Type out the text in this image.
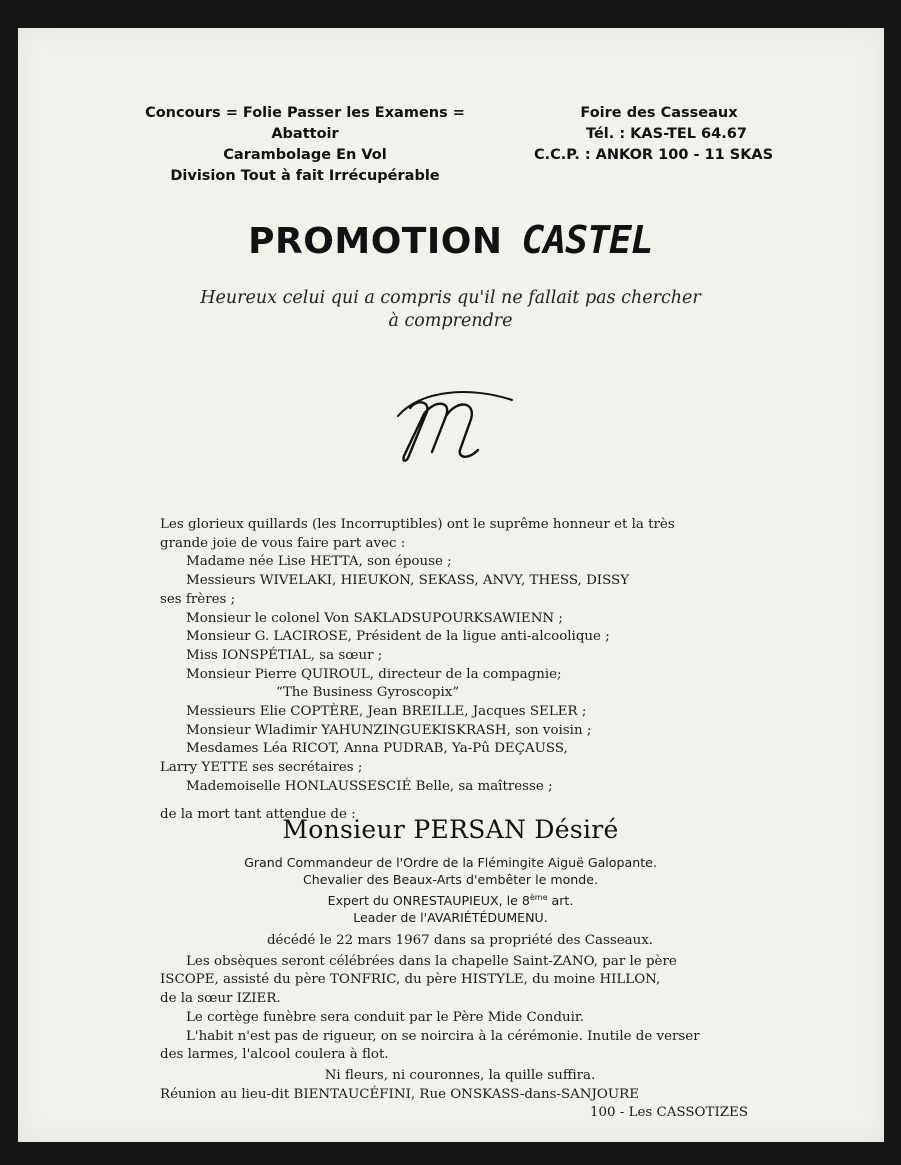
Concours = Folie Passer les Examens = Abattoir
Carambolage En Vol
Division Tout à fait Irrécupérable
Foire des Casseaux
Tél. : KAS-TEL 64.67
C.C.P. : ANKOR 100 - 11 SKAS
PROMOTION CASTEL
Heureux celui qui a compris qu'il ne fallait pas chercher
à comprendre

Les glorieux quillards (les Incorruptibles) ont le suprême honneur et la très

grande joie de vous faire part avec :

Madame née Lise HETTA, son épouse ;

Messieurs WIVELAKI, HIEUKON, SEKASS, ANVY, THESS, DISSY

ses frères ;

Monsieur le colonel Von SAKLADSUPOURKSAWIENN ;

Monsieur G. LACIROSE, Président de la ligue anti-alcoolique ;

Miss IONSPÉTIAL, sa sœur ;

Monsieur Pierre QUIROUL, directeur de la compagnie;

“The Business Gyroscopix”

Messieurs Elie COPTÈRE, Jean BREILLE, Jacques SELER ;

Monsieur Wladimir YAHUNZINGUEKISKRASH, son voisin ;

Mesdames Léa RICOT, Anna PUDRAB, Ya-Pû DEÇAUSS,

Larry YETTE ses secrétaires ;

Mademoiselle HONLAUSSESCIÉ Belle, sa maîtresse ;

de la mort tant attendue de :

Monsieur PERSAN Désiré
Grand Commandeur de l'Ordre de la Flémingite Aiguë Galopante.
Chevalier des Beaux-Arts d'embêter le monde.
Expert du ONRESTAUPIEUX, le 8ème art.
Leader de l'AVARIÉTÉDUMENU.

décédé le 22 mars 1967 dans sa propriété des Casseaux.

Les obsèques seront célébrées dans la chapelle Saint-ZANO, par le père

ISCOPE, assisté du père TONFRIC, du père HISTYLE, du moine HILLON,

de la sœur IZIER.

Le cortège funèbre sera conduit par le Père Mide Conduir.

L'habit n'est pas de rigueur, on se noircira à la cérémonie. Inutile de verser

des larmes, l'alcool coulera à flot.

Ni fleurs, ni couronnes, la quille suffira.

Réunion au lieu-dit BIENTAUCÉFINI, Rue ONSKASS-dans-SANJOURE

100 - Les CASSOTIZES
